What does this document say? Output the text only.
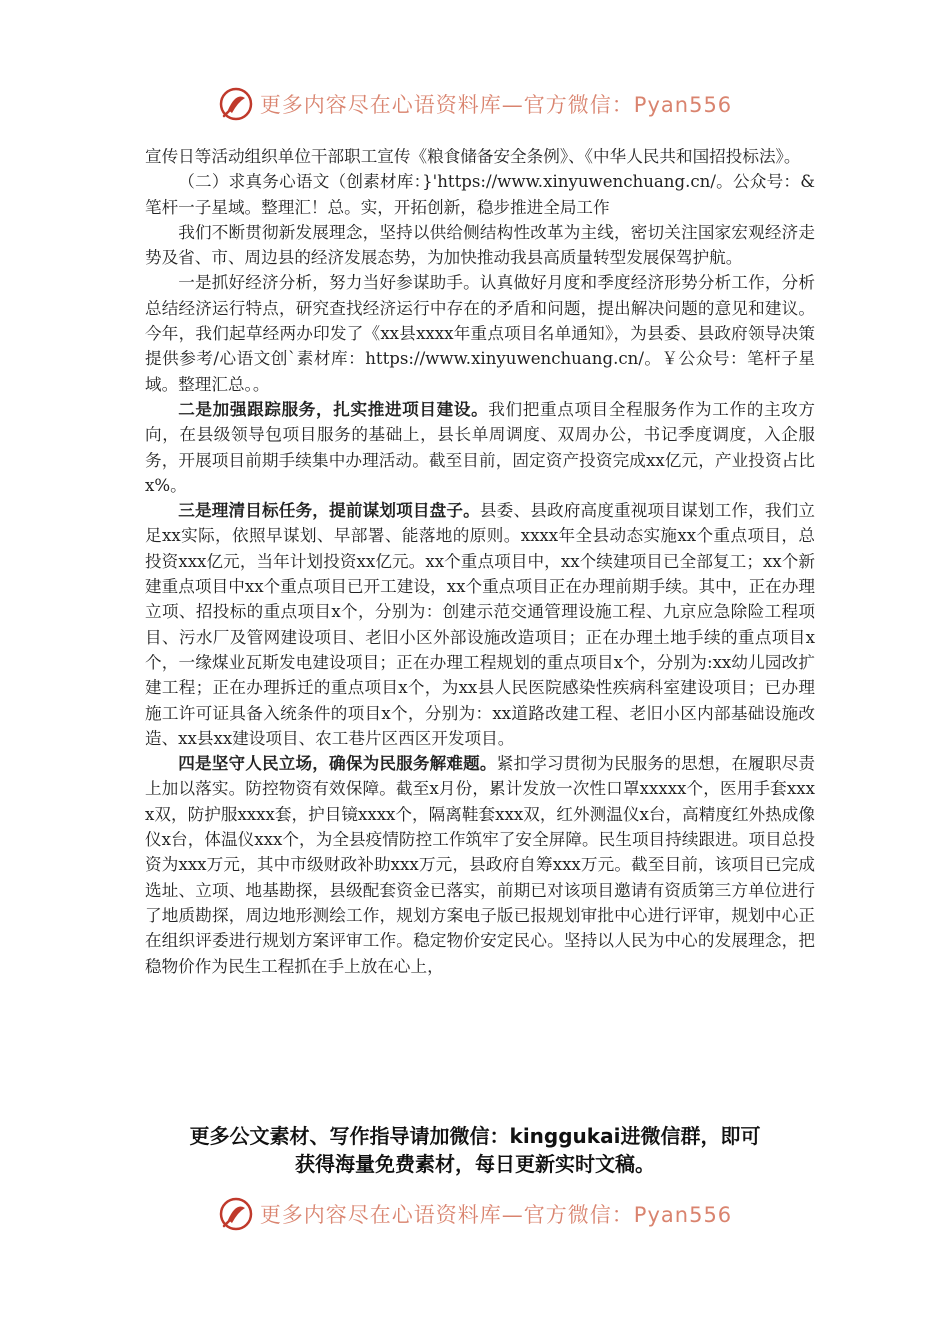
更多内容尽在心语资料库—官方微信：Pyan556

宣传日等活动组织单位干部职工宣传《粮食储备安全条例》、《中华人民共和国招投标法》。

（二）求真务心语文（创素材库：}'https://www.xinyuwenchuang.cn/。公众号：&笔杆一子星域。整理汇！总。实，开拓创新，稳步推进全局工作

我们不断贯彻新发展理念，坚持以供给侧结构性改革为主线，密切关注国家宏观经济走势及省、市、周边县的经济发展态势，为加快推动我县高质量转型发展保驾护航。

一是抓好经济分析，努力当好参谋助手。认真做好月度和季度经济形势分析工作，分析总结经济运行特点，研究查找经济运行中存在的矛盾和问题，提出解决问题的意见和建议。今年，我们起草经两办印发了《xx县xxxx年重点项目名单通知》，为县委、县政府领导决策提供参考/心语文创`素材库：https://www.xinyuwenchuang.cn/。￥公众号：笔杆子星域。整理汇总。。

二是加强跟踪服务，扎实推进项目建设。我们把重点项目全程服务作为工作的主攻方向，在县级领导包项目服务的基础上，县长单周调度、双周办公，书记季度调度，入企服务，开展项目前期手续集中办理活动。截至目前，固定资产投资完成xx亿元，产业投资占比x%。

三是理清目标任务，提前谋划项目盘子。县委、县政府高度重视项目谋划工作，我们立足xx实际，依照早谋划、早部署、能落地的原则。xxxx年全县动态实施xx个重点项目，总投资xxx亿元，当年计划投资xx亿元。xx个重点项目中，xx个续建项目已全部复工；xx个新建重点项目中xx个重点项目已开工建设，xx个重点项目正在办理前期手续。其中，正在办理立项、招投标的重点项目x个，分别为：创建示范交通管理设施工程、九京应急除险工程项目、污水厂及管网建设项目、老旧小区外部设施改造项目；正在办理土地手续的重点项目x个，一缘煤业瓦斯发电建设项目；正在办理工程规划的重点项目x个，分别为:xx幼儿园改扩建工程；正在办理拆迁的重点项目x个，为xx县人民医院感染性疾病科室建设项目；已办理施工许可证具备入统条件的项目x个，分别为：xx道路改建工程、老旧小区内部基础设施改造、xx县xx建设项目、农工巷片区西区开发项目。

四是坚守人民立场，确保为民服务解难题。紧扣学习贯彻为民服务的思想，在履职尽责上加以落实。防控物资有效保障。截至x月份，累计发放一次性口罩xxxxx个，医用手套xxxx双，防护服xxxx套，护目镜xxxx个，隔离鞋套xxx双，红外测温仪x台，高精度红外热成像仪x台，体温仪xxx个，为全县疫情防控工作筑牢了安全屏障。民生项目持续跟进。项目总投资为xxx万元，其中市级财政补助xxx万元，县政府自筹xxx万元。截至目前，该项目已完成选址、立项、地基勘探，县级配套资金已落实，前期已对该项目邀请有资质第三方单位进行了地质勘探，周边地形测绘工作，规划方案电子版已报规划审批中心进行评审，规划中心正在组织评委进行规划方案评审工作。稳定物价安定民心。坚持以人民为中心的发展理念，把稳物价作为民生工程抓在手上放在心上，

更多公文素材、写作指导请加微信：kinggukai进微信群，即可
获得海量免费素材，每日更新实时文稿。
更多内容尽在心语资料库—官方微信：Pyan556
